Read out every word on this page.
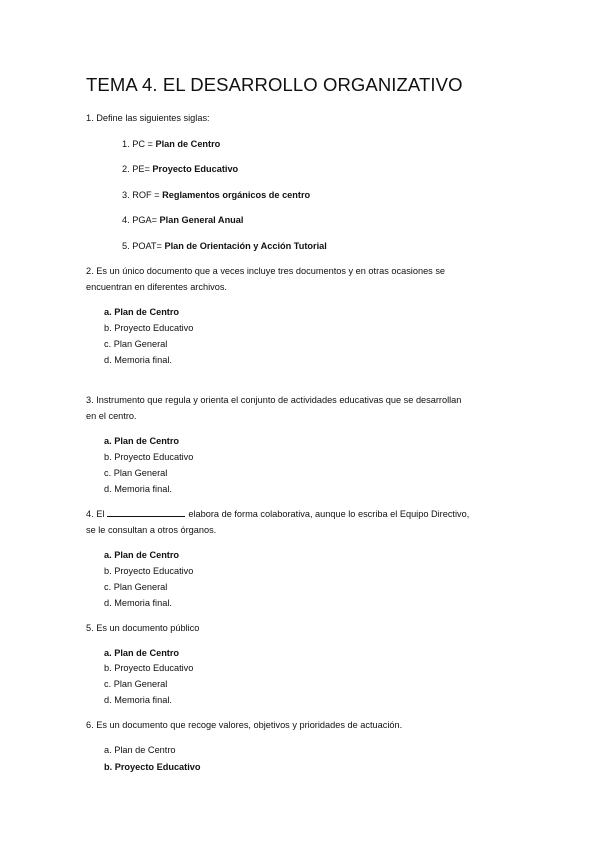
TEMA 4. EL DESARROLLO ORGANIZATIVO
1. Define las siguientes siglas:
1. PC = Plan de Centro
2. PE= Proyecto Educativo
3. ROF = Reglamentos orgánicos de centro
4. PGA= Plan General Anual
5. POAT= Plan de Orientación y Acción Tutorial
2. Es un único documento que a veces incluye tres documentos y en otras ocasiones se
encuentran en diferentes archivos.
a. Plan de Centro
b. Proyecto Educativo
c. Plan General
d. Memoria final.
3. Instrumento que regula y orienta el conjunto de actividades educativas que se desarrollan
en el centro.
a. Plan de Centro
b. Proyecto Educativo
c. Plan General
d. Memoria final.
4. El	elabora de forma colaborativa, aunque lo escriba el Equipo Directivo,
se le consultan a otros órganos.
a. Plan de Centro
b. Proyecto Educativo
c. Plan General
d. Memoria final.
5. Es un documento público
a. Plan de Centro
b. Proyecto Educativo
c. Plan General
d. Memoria final.
6. Es un documento que recoge valores, objetivos y prioridades de actuación.
a. Plan de Centro
b. Proyecto Educativo
